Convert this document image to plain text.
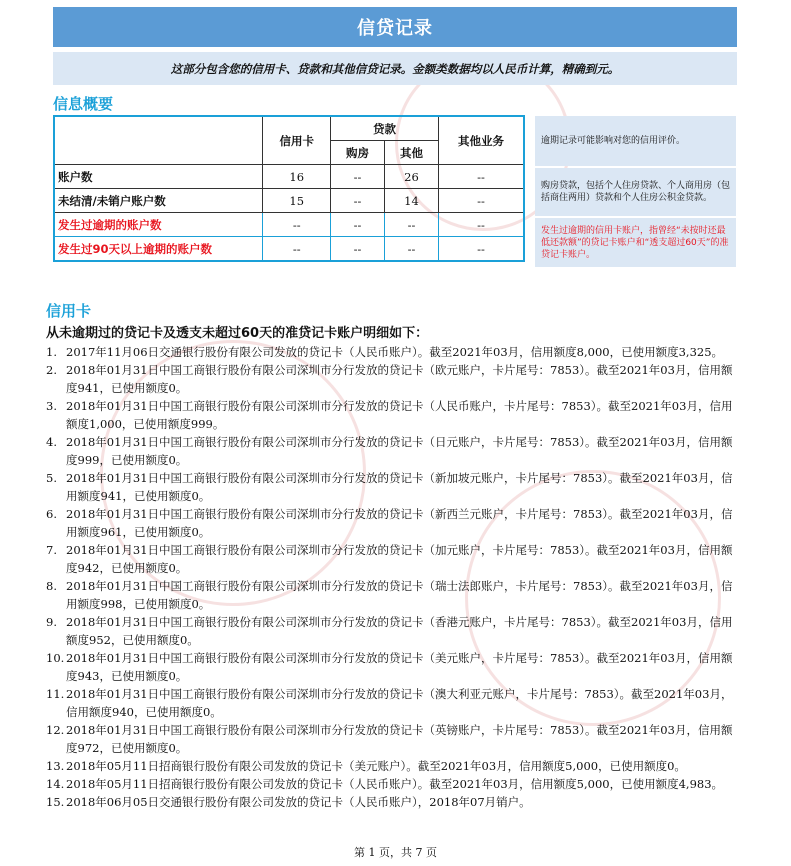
信贷记录
这部分包含您的信用卡、贷款和其他信贷记录。金额类数据均以人民币计算，精确到元。
信息概要
	信用卡	贷款		其他业务
		购房	其他	
账户数	16	--	26	--
未结清/未销户账户数	15	--	14	--
发生过逾期的账户数	--	--	--	--
发生过90天以上逾期的账户数	--	--	--	--
逾期记录可能影响对您的信用评价。
购房贷款，包括个人住房贷款、个人商用房（包括商住两用）贷款和个人住房公积金贷款。
发生过逾期的信用卡账户，指曾经“未按时还最低还款额”的贷记卡账户和“透支超过60天”的准贷记卡账户。
信用卡
从未逾期过的贷记卡及透支未超过60天的准贷记卡账户明细如下：
1. 2017年11月06日交通银行股份有限公司发放的贷记卡（人民币账户）。截至2021年03月，信用额度8,000，已使用额度3,325。
2. 2018年01月31日中国工商银行股份有限公司深圳市分行发放的贷记卡（欧元账户，卡片尾号：7853）。截至2021年03月，信用额度941，已使用额度0。
3. 2018年01月31日中国工商银行股份有限公司深圳市分行发放的贷记卡（人民币账户，卡片尾号：7853）。截至2021年03月，信用额度1,000，已使用额度999。
4. 2018年01月31日中国工商银行股份有限公司深圳市分行发放的贷记卡（日元账户，卡片尾号：7853）。截至2021年03月，信用额度999，已使用额度0。
5. 2018年01月31日中国工商银行股份有限公司深圳市分行发放的贷记卡（新加坡元账户，卡片尾号：7853）。截至2021年03月，信用额度941，已使用额度0。
6. 2018年01月31日中国工商银行股份有限公司深圳市分行发放的贷记卡（新西兰元账户，卡片尾号：7853）。截至2021年03月，信用额度961，已使用额度0。
7. 2018年01月31日中国工商银行股份有限公司深圳市分行发放的贷记卡（加元账户，卡片尾号：7853）。截至2021年03月，信用额度942，已使用额度0。
8. 2018年01月31日中国工商银行股份有限公司深圳市分行发放的贷记卡（瑞士法郎账户，卡片尾号：7853）。截至2021年03月，信用额度998，已使用额度0。
9. 2018年01月31日中国工商银行股份有限公司深圳市分行发放的贷记卡（香港元账户，卡片尾号：7853）。截至2021年03月，信用额度952，已使用额度0。
10. 2018年01月31日中国工商银行股份有限公司深圳市分行发放的贷记卡（美元账户，卡片尾号：7853）。截至2021年03月，信用额度943，已使用额度0。
11. 2018年01月31日中国工商银行股份有限公司深圳市分行发放的贷记卡（澳大利亚元账户，卡片尾号：7853）。截至2021年03月，信用额度940，已使用额度0。
12. 2018年01月31日中国工商银行股份有限公司深圳市分行发放的贷记卡（英镑账户，卡片尾号：7853）。截至2021年03月，信用额度972，已使用额度0。
13. 2018年05月11日招商银行股份有限公司发放的贷记卡（美元账户）。截至2021年03月，信用额度5,000，已使用额度0。
14. 2018年05月11日招商银行股份有限公司发放的贷记卡（人民币账户）。截至2021年03月，信用额度5,000，已使用额度4,983。
15. 2018年06月05日交通银行股份有限公司发放的贷记卡（人民币账户），2018年07月销户。
第 1 页，共 7 页
